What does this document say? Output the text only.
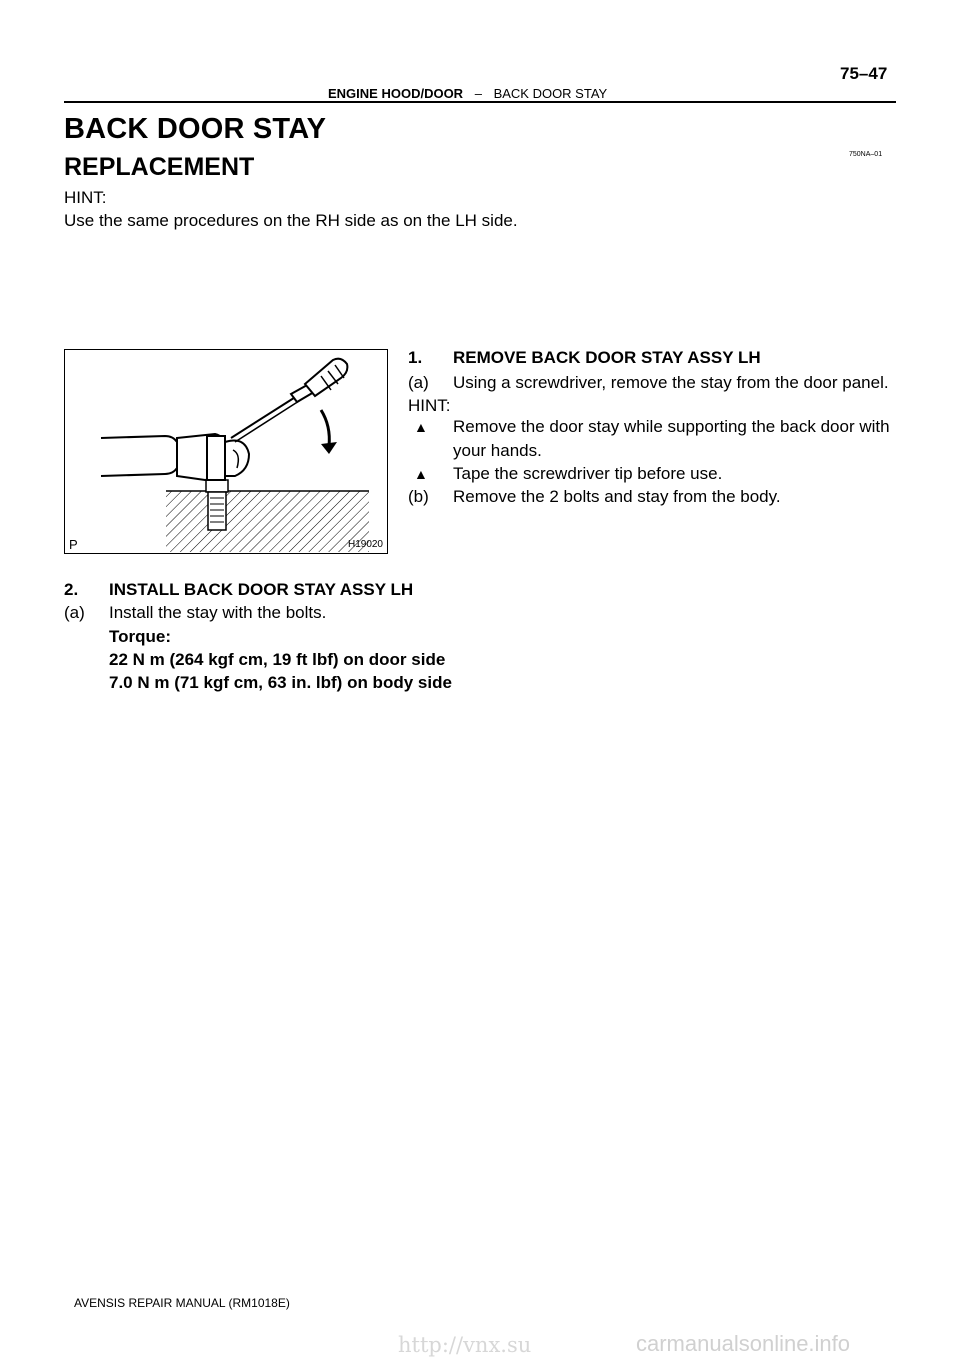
ENGINE HOOD/DOOR – BACK DOOR STAY
75–47
BACK DOOR STAY
REPLACEMENT	750NA–01
HINT:
Use the same procedures on the RH side as on the LH side.
P	H19020
1. REMOVE BACK DOOR STAY ASSY LH
(a) Using a screwdriver, remove the stay from the door panel.
HINT:
▲ Remove the door stay while supporting the back door with
your hands.
▲ Tape the screwdriver tip before use.
(b) Remove the 2 bolts and stay from the body.
2. INSTALL BACK DOOR STAY ASSY LH
(a) Install the stay with the bolts.
Torque:
22 N m (264 kgf cm, 19 ft lbf) on door side
7.0 N m (71 kgf cm, 63 in. lbf) on body side
AVENSIS REPAIR MANUAL (RM1018E)
http://vnx.su	carmanualsonline.info
